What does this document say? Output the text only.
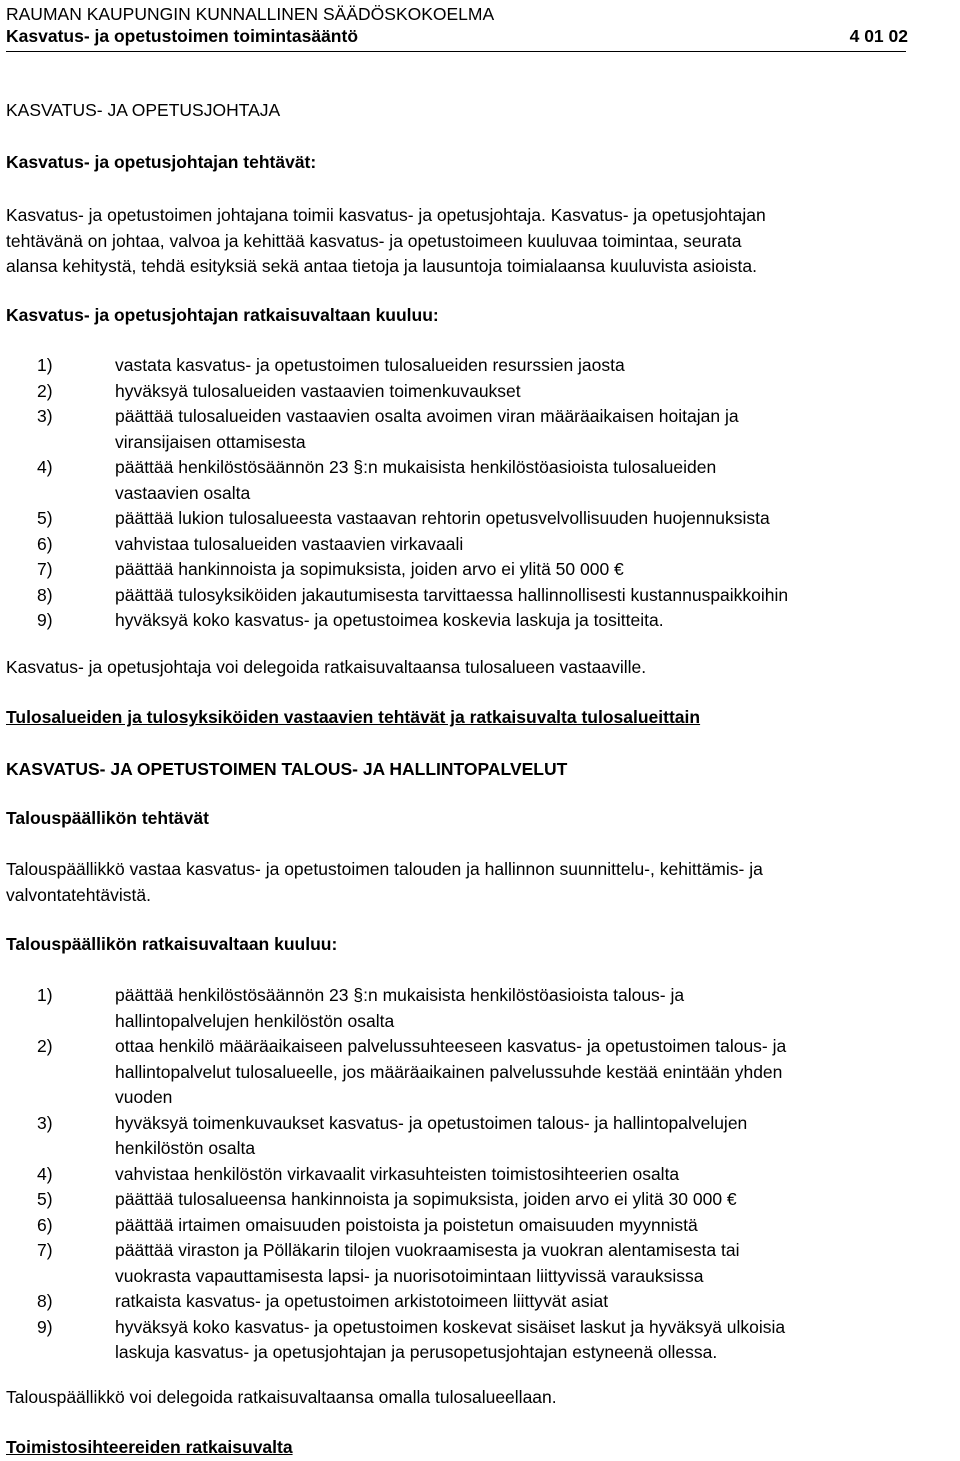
RAUMAN KAUPUNGIN KUNNALLINEN SÄÄDÖSKOKOELMA
Kasvatus- ja opetustoimen toimintasääntö	4 01 02
KASVATUS- JA OPETUSJOHTAJA
Kasvatus- ja opetusjohtajan tehtävät:
Kasvatus- ja opetustoimen johtajana toimii kasvatus- ja opetusjohtaja. Kasvatus- ja opetusjohtajan
tehtävänä on johtaa, valvoa ja kehittää kasvatus- ja opetustoimeen kuuluvaa toimintaa, seurata
alansa kehitystä, tehdä esityksiä sekä antaa tietoja ja lausuntoja toimialaansa kuuluvista asioista.
Kasvatus- ja opetusjohtajan ratkaisuvaltaan kuuluu:
1)	vastata kasvatus- ja opetustoimen tulosalueiden resurssien jaosta
2)	hyväksyä tulosalueiden vastaavien toimenkuvaukset
3)	päättää tulosalueiden vastaavien osalta avoimen viran määräaikaisen hoitajan ja
viransijaisen ottamisesta
4)	päättää henkilöstösäännön 23 §:n mukaisista henkilöstöasioista tulosalueiden
vastaavien osalta
5)	päättää lukion tulosalueesta vastaavan rehtorin opetusvelvollisuuden huojennuksista
6)	vahvistaa tulosalueiden vastaavien virkavaali
7)	päättää hankinnoista ja sopimuksista, joiden arvo ei ylitä 50 000 €
8)	päättää tulosyksiköiden jakautumisesta tarvittaessa hallinnollisesti kustannuspaikkoihin
9)	hyväksyä koko kasvatus- ja opetustoimea koskevia laskuja ja tositteita.
Kasvatus- ja opetusjohtaja voi delegoida ratkaisuvaltaansa tulosalueen vastaaville.
Tulosalueiden ja tulosyksiköiden vastaavien tehtävät ja ratkaisuvalta tulosalueittain
KASVATUS- JA OPETUSTOIMEN TALOUS- JA HALLINTOPALVELUT
Talouspäällikön tehtävät
Talouspäällikkö vastaa kasvatus- ja opetustoimen talouden ja hallinnon suunnittelu-, kehittämis- ja
valvontatehtävistä.
Talouspäällikön ratkaisuvaltaan kuuluu:
1)	päättää henkilöstösäännön 23 §:n mukaisista henkilöstöasioista talous- ja
hallintopalvelujen henkilöstön osalta
2)	ottaa henkilö määräaikaiseen palvelussuhteeseen kasvatus- ja opetustoimen talous- ja
hallintopalvelut tulosalueelle, jos määräaikainen palvelussuhde kestää enintään yhden
vuoden
3)	hyväksyä toimenkuvaukset kasvatus- ja opetustoimen talous- ja hallintopalvelujen
henkilöstön osalta
4)	vahvistaa henkilöstön virkavaalit virkasuhteisten toimistosihteerien osalta
5)	päättää tulosalueensa hankinnoista ja sopimuksista, joiden arvo ei ylitä 30 000 €
6)	päättää irtaimen omaisuuden poistoista ja poistetun omaisuuden myynnistä
7)	päättää viraston ja Pölläkarin tilojen vuokraamisesta ja vuokran alentamisesta tai
vuokrasta vapauttamisesta lapsi- ja nuorisotoimintaan liittyvissä varauksissa
8)	ratkaista kasvatus- ja opetustoimen arkistotoimeen liittyvät asiat
9)	hyväksyä koko kasvatus- ja opetustoimen koskevat sisäiset laskut ja hyväksyä ulkoisia
laskuja kasvatus- ja opetusjohtajan ja perusopetusjohtajan estyneenä ollessa.
Talouspäällikkö voi delegoida ratkaisuvaltaansa omalla tulosalueellaan.
Toimistosihteereiden ratkaisuvalta
